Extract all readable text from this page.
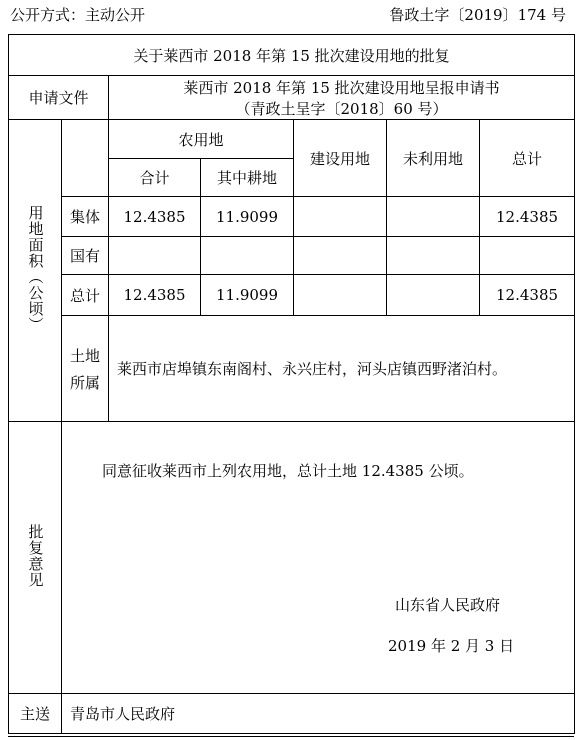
公开方式：主动公开	鲁政土字〔2019〕174 号
关于莱西市 2018 年第 15 批次建设用地的批复						
申请文件		莱西市 2018 年第 15 批次建设用地呈报申请书
（青政土呈字〔2018〕60 号）				

用地面积（公顷）		农用地		建设用地	未利用地	总计
		合计	其中耕地			
	集体	12.4385	11.9099			12.4385
	国有					
	总计	12.4385	11.9099			12.4385

	土地
所属	莱西市店埠镇东南阁村、永兴庄村，河头店镇西野渚泊村。				
批复意见	同意征收莱西市上列农用地，总计土地 12.4385 公顷。
山东省人民政府
2019 年 2 月 3 日					

主送	青岛市人民政府					
